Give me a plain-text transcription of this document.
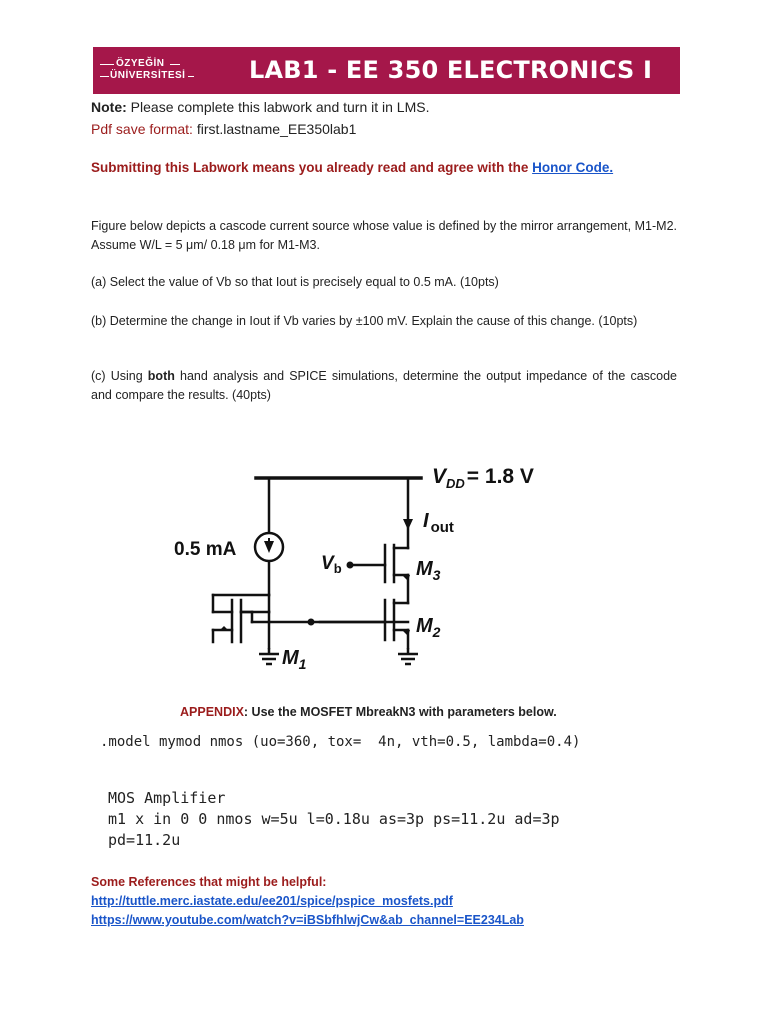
ÖZYEĞİN
ÜNİVERSİTESİ	LAB1 - EE 350 ELECTRONICS I
Note: Please complete this labwork and turn it in LMS.
Pdf save format: first.lastname_EE350lab1
Submitting this Labwork means you already read and agree with the Honor Code.
Figure below depicts a cascode current source whose value is defined by the mirror arrangement, M1-M2. Assume W/L = 5 μm/ 0.18 μm for M1-M3.
(a) Select the value of Vb so that Iout is precisely equal to 0.5 mA. (10pts)
(b) Determine the change in Iout if Vb varies by ±100 mV. Explain the cause of this change. (10pts)
(c) Using both hand analysis and SPICE simulations, determine the output impedance of the cascode and compare the results. (40pts)
$V_{DD}= 1.8$ V
I $_{out}$
0.5 mA
$V_b$	$M_3$
$M_2$
$M_1$
APPENDIX: Use the MOSFET MbreakN3 with parameters below.
.model mymod nmos (uo=360, tox=  4n, vth=0.5, lambda=0.4)
MOS Amplifier
m1 x in 0 0 nmos w=5u l=0.18u as=3p ps=11.2u ad=3p
pd=11.2u
Some References that might be helpful:
http://tuttle.merc.iastate.edu/ee201/spice/pspice_mosfets.pdf
https://www.youtube.com/watch?v=iBSbfhlwjCw&ab_channel=EE234Lab
